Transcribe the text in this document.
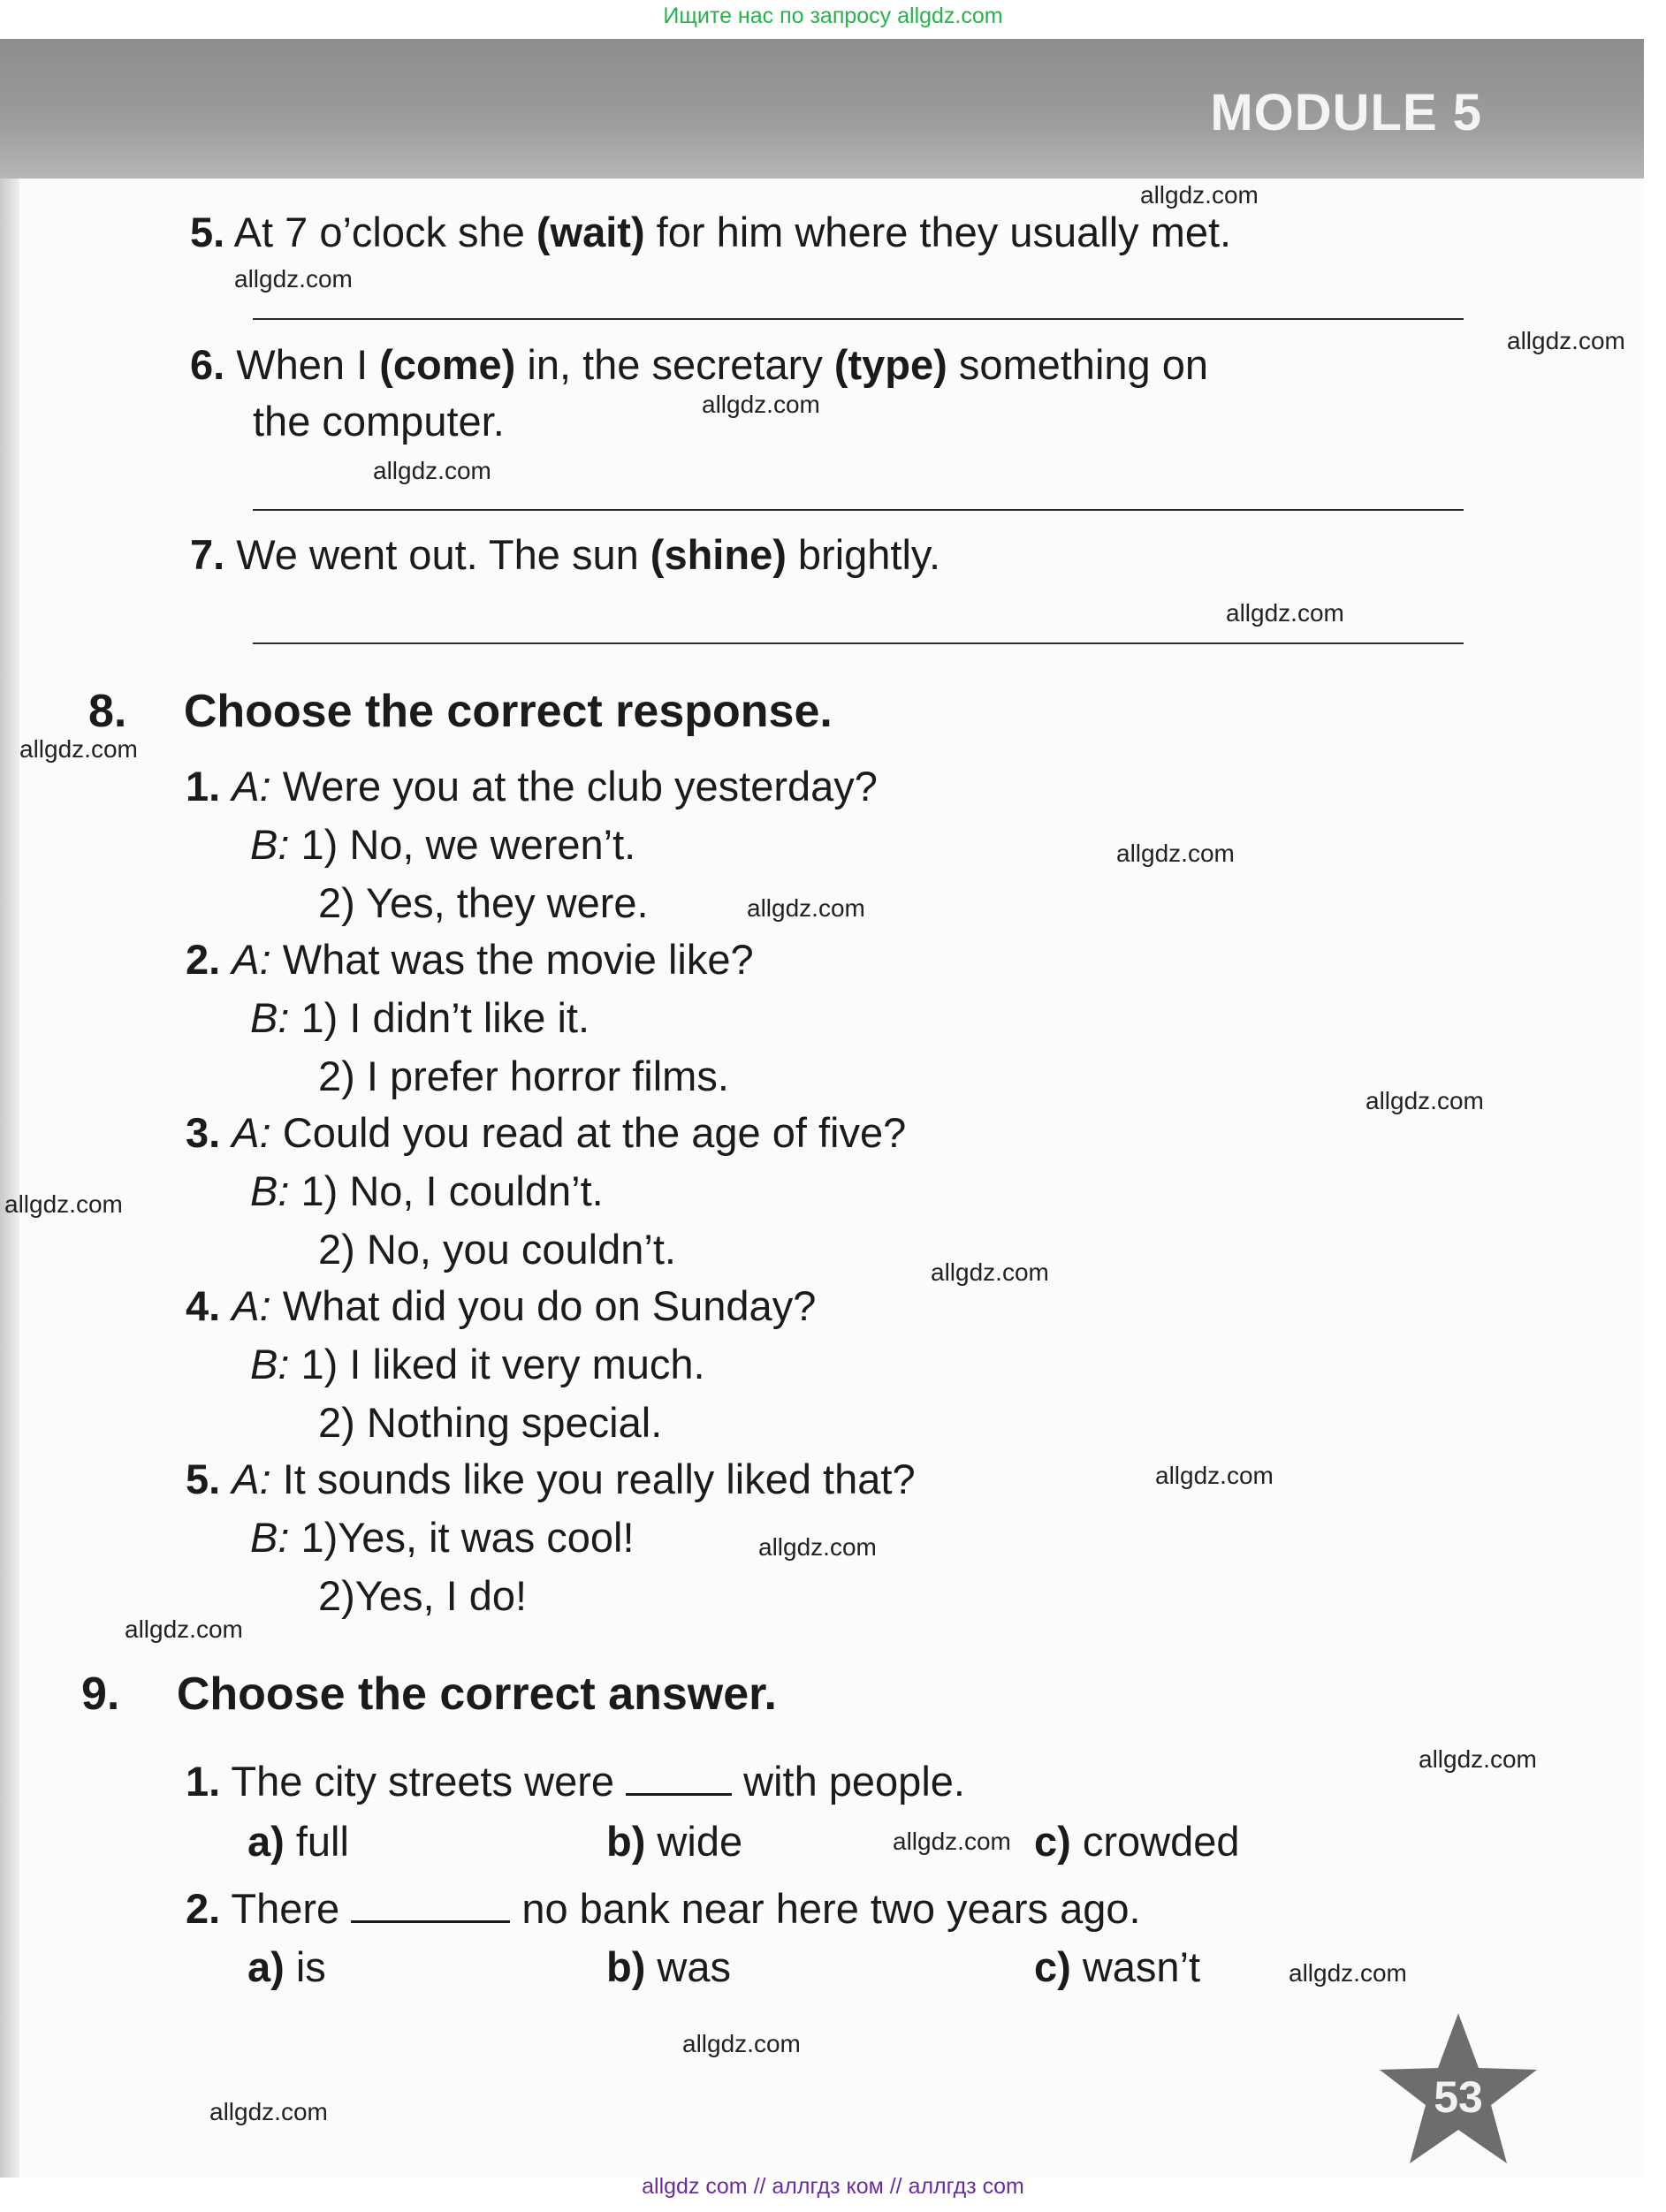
Ищите нас по запросу allgdz.com
MODULE 5
5. At 7 o’clock she (wait) for him where they usually met.
6. When I (come) in, the secretary (type) something on
the computer.
7. We went out. The sun (shine) brightly.
8. Choose the correct response.
1. A: Were you at the club yesterday?
B: 1) No, we weren’t.
2) Yes, they were.
2. A: What was the movie like?
B: 1) I didn’t like it.
2) I prefer horror films.
3. A: Could you read at the age of five?
B: 1) No, I couldn’t.
2) No, you couldn’t.
4. A: What did you do on Sunday?
B: 1) I liked it very much.
2) Nothing special.
5. A: It sounds like you really liked that?
B: 1)Yes, it was cool!
2)Yes, I do!
9. Choose the correct answer.
1. The city streets were	with people.
a) full	b) wide	c) crowded
2. There	no bank near here two years ago.
a) is	b) was	c) wasn’t
53
allgdz.com
allgdz.com
allgdz.com
allgdz.com
allgdz.com
allgdz.com
allgdz.com
allgdz.com
allgdz.com
allgdz.com
allgdz.com
allgdz.com
allgdz.com
allgdz.com
allgdz.com
allgdz.com
allgdz.com
allgdz.com
allgdz.com
allgdz.com
allgdz com // аллгдз ком // аллгдз com
